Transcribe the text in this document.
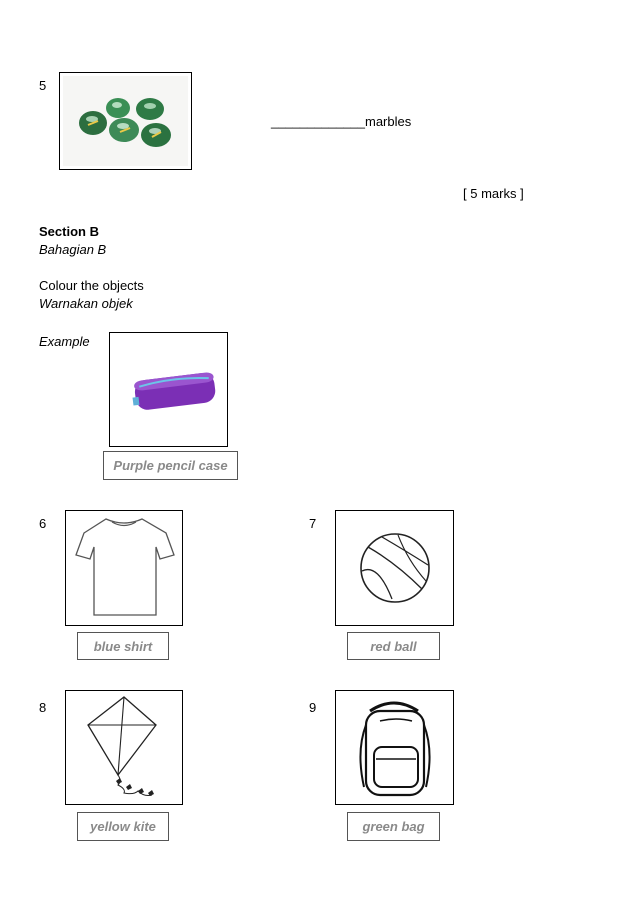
5
_____________marbles
[ 5 marks ]
Section B
Bahagian B
Colour the objects
Warnakan objek
Example
Purple pencil case
6
blue shirt
7
red ball
8
yellow kite
9
green bag
